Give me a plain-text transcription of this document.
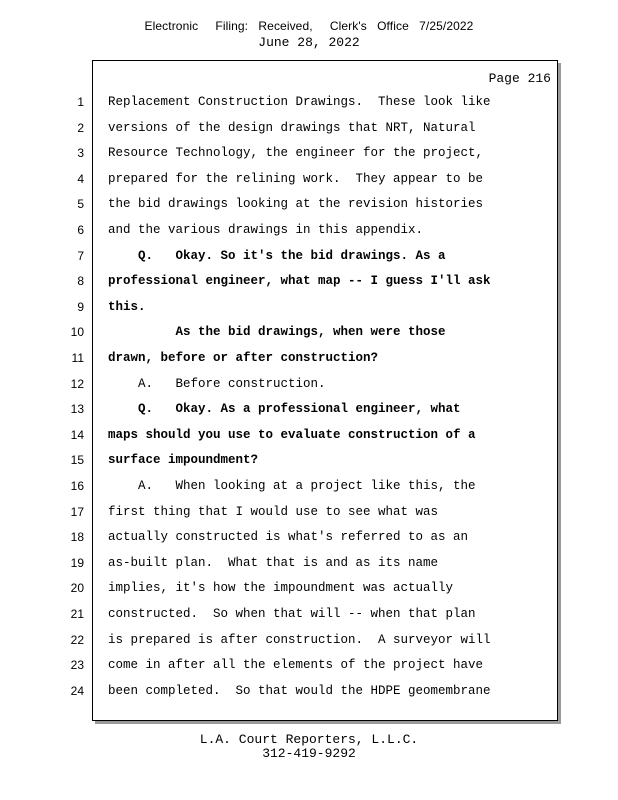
Electronic     Filing:   Received,     Clerk's   Office   7/25/2022
June 28, 2022
Page 216
1
2
3
4
5
6
7
8
9
10
11
12
13
14
15
16
17
18
19
20
21
22
23
24
Replacement Construction Drawings.  These look like
versions of the design drawings that NRT, Natural
Resource Technology, the engineer for the project,
prepared for the relining work.  They appear to be
the bid drawings looking at the revision histories
and the various drawings in this appendix.
Q.   Okay. So it's the bid drawings. As a
professional engineer, what map -- I guess I'll ask
this.
As the bid drawings, when were those
drawn, before or after construction?
A.   Before construction.
Q.   Okay. As a professional engineer, what
maps should you use to evaluate construction of a
surface impoundment?
A.   When looking at a project like this, the
first thing that I would use to see what was
actually constructed is what's referred to as an
as-built plan.  What that is and as its name
implies, it's how the impoundment was actually
constructed.  So when that will -- when that plan
is prepared is after construction.  A surveyor will
come in after all the elements of the project have
been completed.  So that would the HDPE geomembrane
L.A. Court Reporters, L.L.C.
312-419-9292
